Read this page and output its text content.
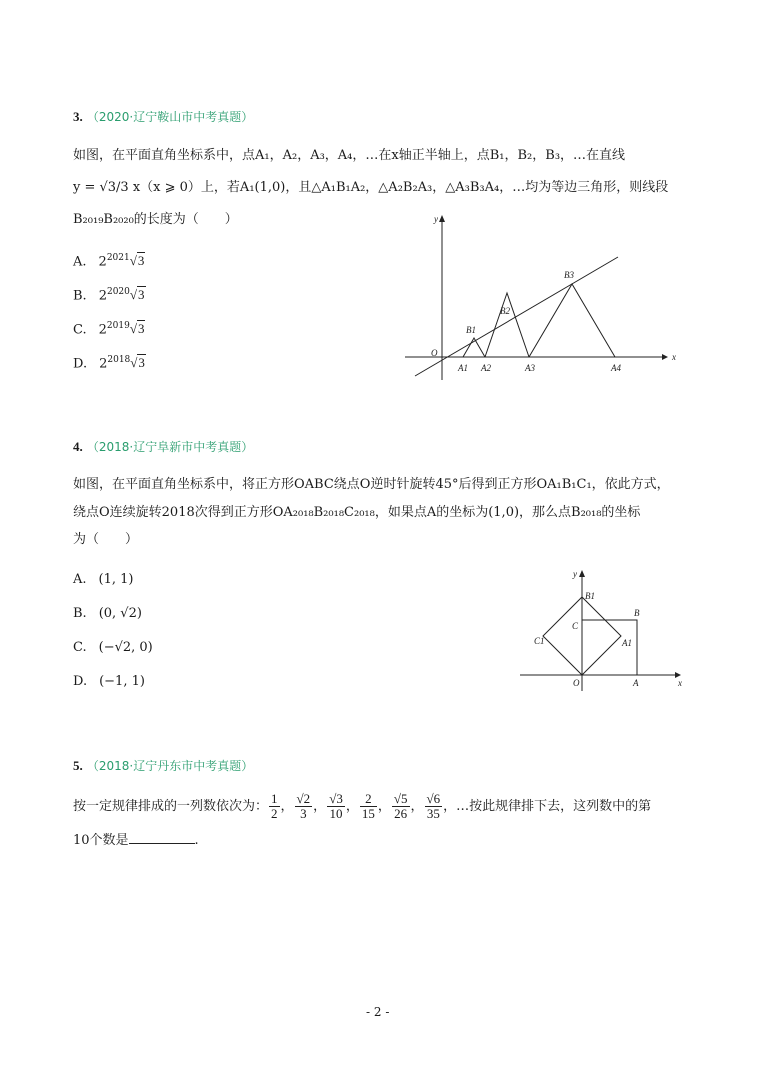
3. （2020·辽宁鞍山市中考真题）
如图，在平面直角坐标系中，点A₁，A₂，A₃，A₄，…在x轴正半轴上，点B₁，B₂，B₃，…在直线
y = √3/3 x（x ⩾ 0）上，若A₁(1,0)，且△A₁B₁A₂，△A₂B₂A₃，△A₃B₃A₄，…均为等边三角形，则线段
B₂₀₁₉B₂₀₂₀的长度为（　　）
A. $2^{2021}√3$
B. $2^{2020}√3$
C. $2^{2019}√3$
D. $2^{2018}√3$	x
y
O
A1 A2	A3	A4
B1
B2
B3
4. （2018·辽宁阜新市中考真题）
如图，在平面直角坐标系中，将正方形OABC绕点O逆时针旋转45°后得到正方形OA₁B₁C₁，依此方式，
绕点O连续旋转2018次得到正方形OA₂₀₁₈B₂₀₁₈C₂₀₁₈，如果点A的坐标为(1,0)，那么点B₂₀₁₈的坐标
为（　　）
A. (1, 1)
B. (0, √2)
C. (−√2, 0)
D. (−1, 1)	x
y
O	A
B
C
A1
B1
C1
5. （2018·辽宁丹东市中考真题）
按一定规律排成的一列数依次为： $\frac{1}{2}$ ， $\frac{√2}{3}$ ， $\frac{√3}{10}$ ， $\frac{2}{15}$ ， $\frac{√5}{26}$ ， $\frac{√6}{35}$ ，…按此规律排下去，这列数中的第
10个数是	.
- 2 -
